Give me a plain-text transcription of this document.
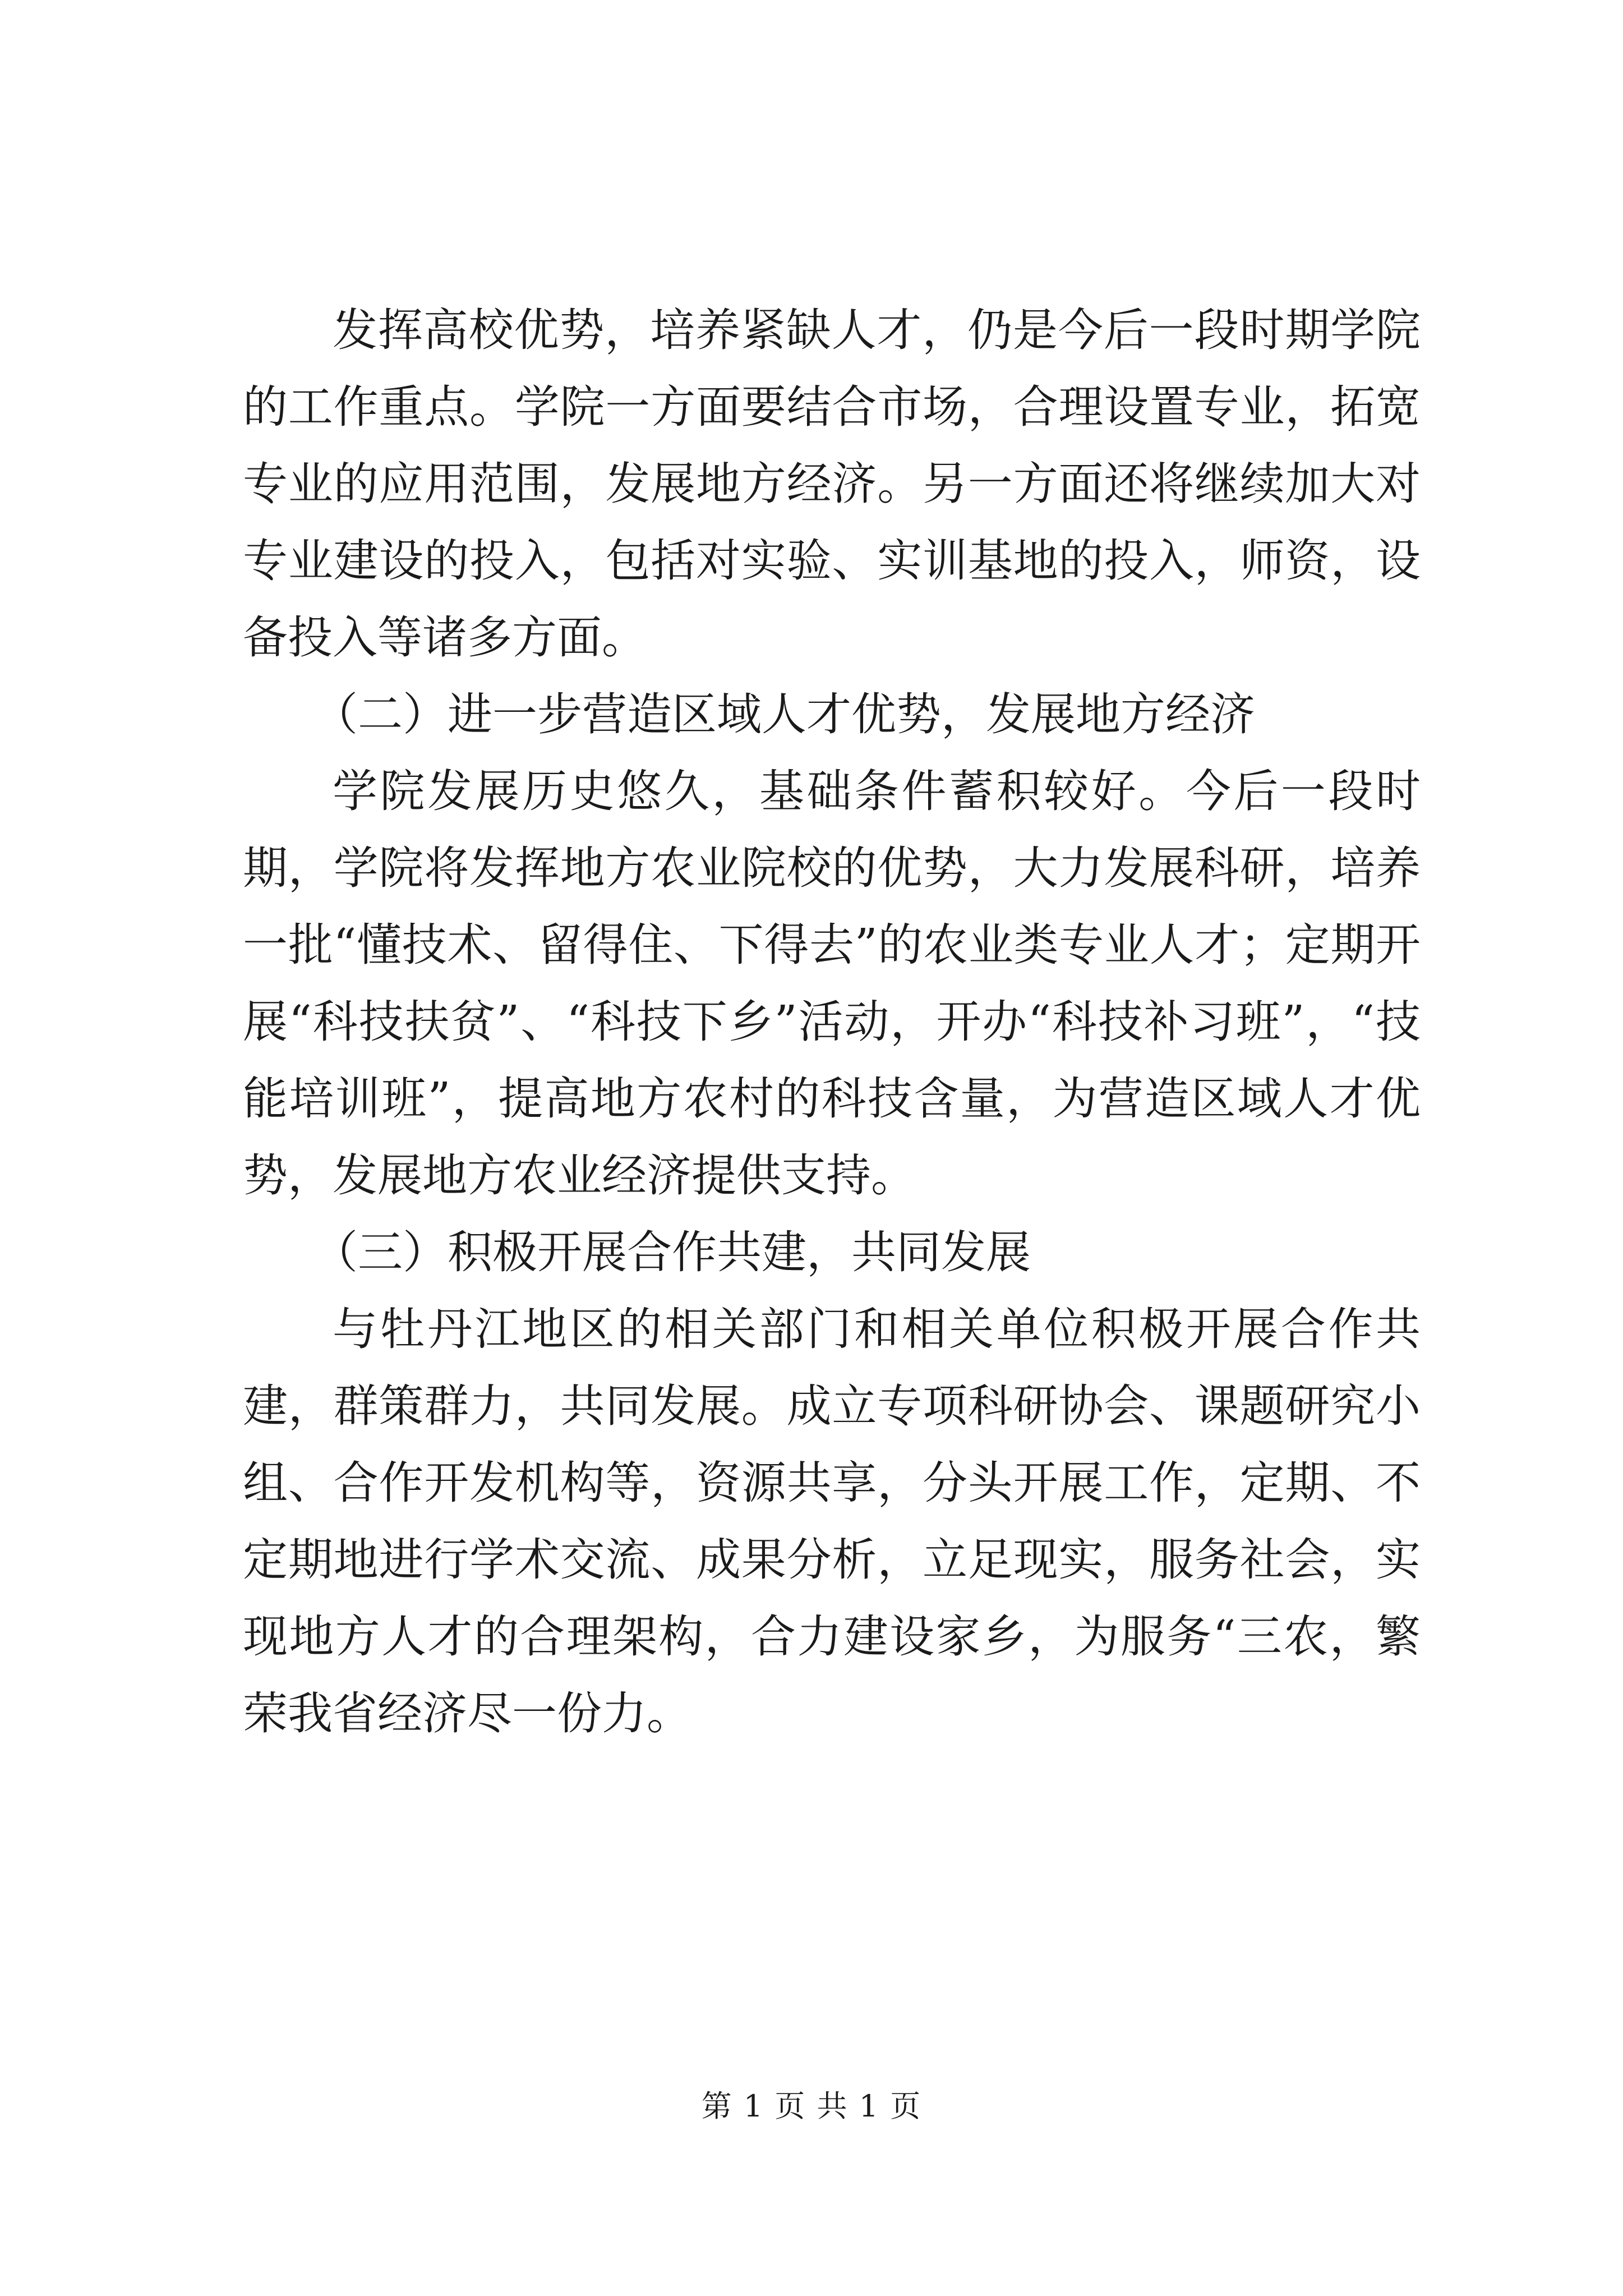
发挥高校优势，培养紧缺人才，仍是今后一段时期学院的工作重点。学院一方面要结合市场，合理设置专业，拓宽专业的应用范围，发展地方经济。另一方面还将继续加大对专业建设的投入，包括对实验、实训基地的投入，师资，设备投入等诸多方面。

（二）进一步营造区域人才优势，发展地方经济

学院发展历史悠久，基础条件蓄积较好。今后一段时期，学院将发挥地方农业院校的优势，大力发展科研，培养一批“懂技术、留得住、下得去”的农业类专业人才；定期开展“科技扶贫”、“科技下乡”活动，开办“科技补习班”，“技能培训班”，提高地方农村的科技含量，为营造区域人才优势，发展地方农业经济提供支持。

（三）积极开展合作共建，共同发展

与牡丹江地区的相关部门和相关单位积极开展合作共建，群策群力，共同发展。成立专项科研协会、课题研究小组、合作开发机构等，资源共享，分头开展工作，定期、不定期地进行学术交流、成果分析，立足现实，服务社会，实现地方人才的合理架构，合力建设家乡，为服务“三农，繁荣我省经济尽一份力。

第 1 页 共 1 页
